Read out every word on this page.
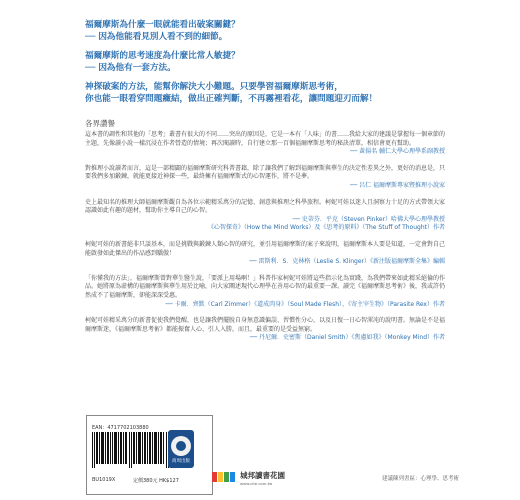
福爾摩斯為什麼一眼就能看出破案關鍵？
── 因為他能看見別人看不到的細節。
福爾摩斯的思考速度為什麼比常人敏捷？
── 因為他有一套方法。
神探破案的方法，能幫你解決大小難題。只要學習福爾摩斯思考術，
你也能一眼看穿問題癥結，做出正確判斷，不再霧裡看花，讓問題迎刃而解！
各界讚譽
這本書的調性和其他的「思考」叢書有很大的不同……突出的原因是，它是一本有「人味」的書……我給大家的建議是掌握每一個章節的主題，先像讀小說一樣沉浸在作者營造的情境；再次閱讀時，自行建立那一百個福爾摩斯思考的秘訣清單，相信會更有幫助。
── 黃揚名 輔仁大學心理學系副教授
對推理小說讀者而言，這是一部精闢的福爾摩斯研究科普書籍，除了讓我們了解到福爾摩斯與華生的決定性差異之外，更好的消息是，只要我們多加鍛鍊，就能更接近神探一些，最終擁有福爾摩斯式的心智運作，將不是夢。
── 呂仁 福爾摩斯專家暨推理小說家
史上最知名的推理大師福爾摩斯觀自為各位示範精采萬分的記憶、創意與推理之科學旅程。柯妮可娃以迷人且洞察力十足的方式帶領大家認識如此有趣的題材，幫助你主導自己的心智。
── 史蒂芬．平克（Steven Pinker）哈佛大學心理學教授
《心智探奇》（How the Mind Works）及《思考的原料》（The Stuff of Thought）作者
柯妮可娃的新書絕非只談基本，而是挑戰與鍛鍊人類心智的研究，並引用福爾摩斯的案子來說明，福爾摩斯本人要是知道，一定會對自己能啟發如此傑出的作品感到驕傲！
── 雷斯利．S．克林格（Leslie S. Klinger）《新注版福爾摩斯全集》編輯
「你懂我的方法」，福爾摩斯曾對華生醫生說，「要派上用場啊！」科普作家柯妮可娃將這些指示化為實踐，為我們帶來如此精采絕倫的作品。她將原為虛構的福爾摩斯與華生用於比喻，向大家闡述現代心理學在善用心智的最重要一課。讀完《福爾摩斯思考術》後，我或許仍然成不了福爾摩斯，卻能深深受惠。
── 卡爾．齊默（Carl Zimmer）《道成肉身》（Soul Made Flesh）、《寄主宰生物》（Parasite Rex）作者
柯妮可娃精采萬分的新書促使我們覺醒，也是讓我們擺脫自身無意識偏誤、習慣性分心，以及日復一日心智渾沌的說明書。無論是不是福爾摩斯迷，《福爾摩斯思考術》都能振奮人心、引人入勝，而且，最重要的是受益無窮。
── 丹尼爾．史密斯（Daniel Smith）《焦慮如我》（Monkey Mind）作者
EAN：4717702103880
BU1019X	定價380元 HK$127
商周出版
城邦讀書花園
www.cite.com.tw
建議陳列書區：心理學、思考術
